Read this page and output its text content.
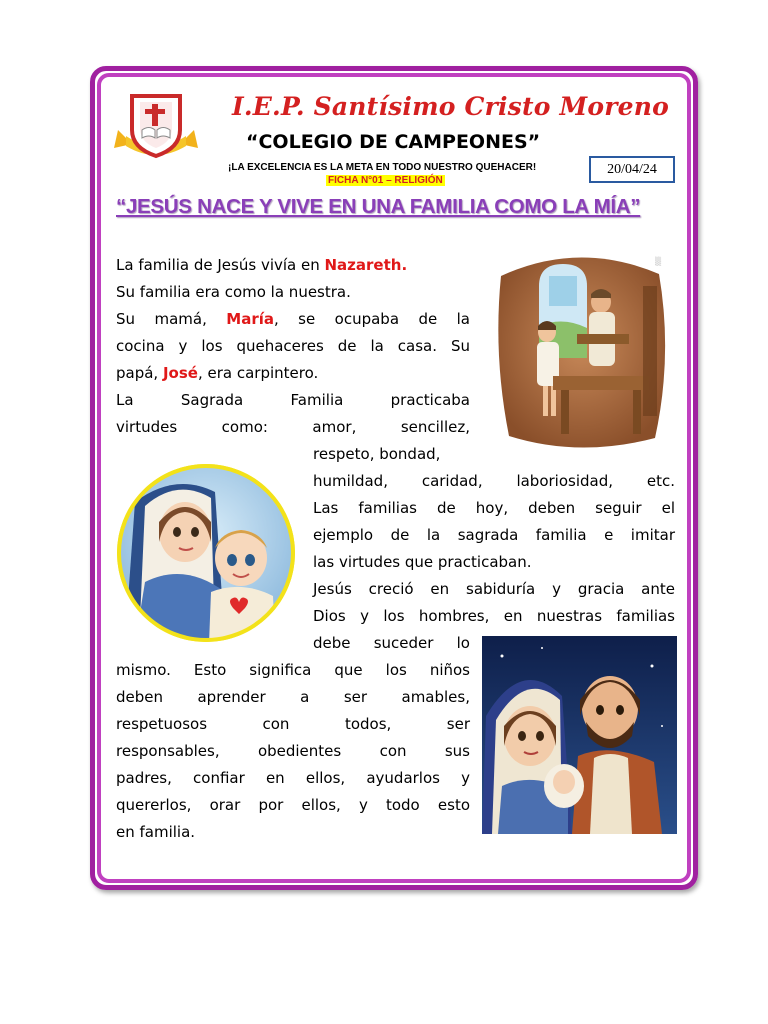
I.E.P. Santísimo Cristo Moreno
“COLEGIO DE CAMPEONES”
¡LA EXCELENCIA ES LA META EN TODO NUESTRO QUEHACER!
FICHA N°01 – RELIGIÓN
20/04/24
“JESÚS NACE Y VIVE EN UNA FAMILIA COMO LA MÍA”
La familia de Jesús vivía en Nazareth.
Su familia era como la nuestra.
Su mamá, María, se ocupaba de la
cocina y los quehaceres de la casa. Su
papá, José, era carpintero.
La Sagrada Familia practicaba
virtudes como: amor, sencillez,
respeto, bondad,
humildad, caridad, laboriosidad, etc.
Las familias de hoy, deben seguir el
ejemplo de la sagrada familia e imitar
las virtudes que practicaban.
Jesús creció en sabiduría y gracia ante
Dios y los hombres, en nuestras familias
debe suceder lo
mismo. Esto significa que los niños
deben aprender a ser amables,
respetuosos con todos, ser
responsables, obedientes con sus
padres, confiar en ellos, ayudarlos y
quererlos, orar por ellos, y todo esto
en familia.
▒
